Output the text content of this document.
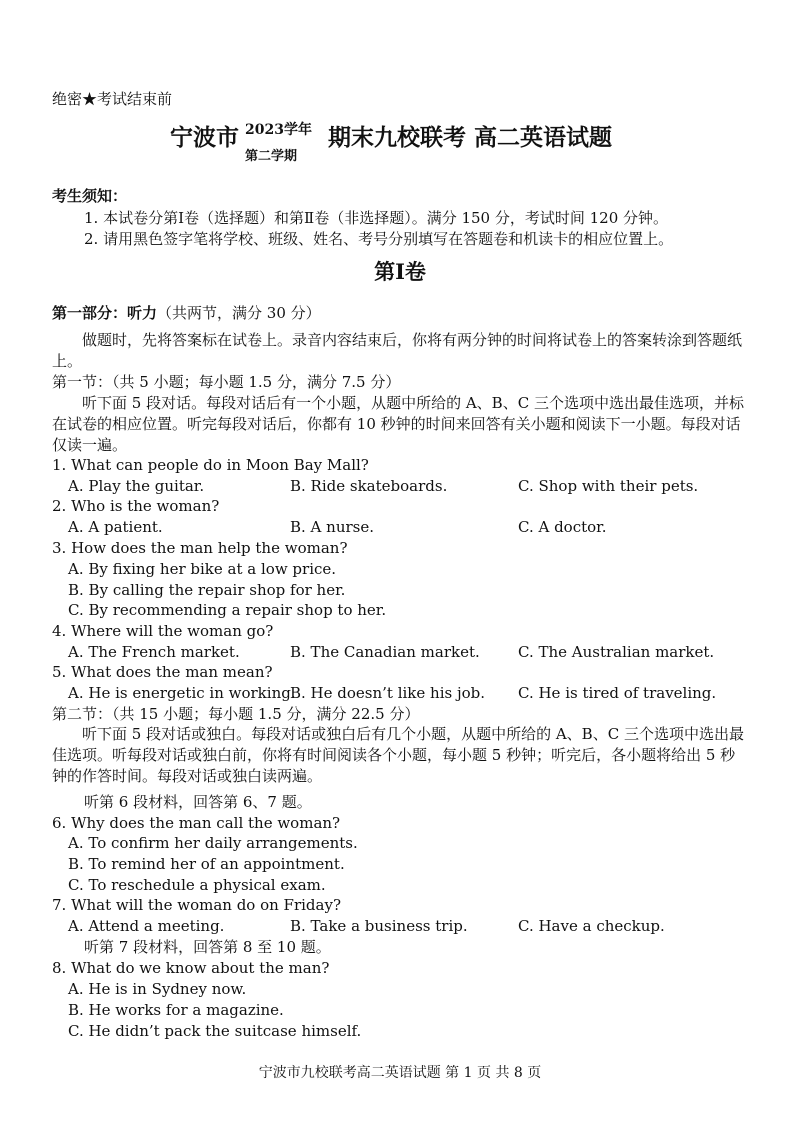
绝密★考试结束前
宁波市 2023学年
第二学期
期末九校联考 高二英语试题
考生须知：
1. 本试卷分第Ⅰ卷（选择题）和第Ⅱ卷（非选择题）。满分 150 分，考试时间 120 分钟。
2. 请用黑色签字笔将学校、班级、姓名、考号分别填写在答题卷和机读卡的相应位置上。
第Ⅰ卷
第一部分：听力（共两节，满分 30 分）
做题时，先将答案标在试卷上。录音内容结束后，你将有两分钟的时间将试卷上的答案转涂到答题纸上。
第一节：（共 5 小题；每小题 1.5 分，满分 7.5 分）
听下面 5 段对话。每段对话后有一个小题，从题中所给的 A、B、C 三个选项中选出最佳选项，并标在试卷的相应位置。听完每段对话后，你都有 10 秒钟的时间来回答有关小题和阅读下一小题。每段对话仅读一遍。
1. What can people do in Moon Bay Mall?
A. Play the guitar.	B. Ride skateboards.	C. Shop with their pets.
2. Who is the woman?
A. A patient.	B. A nurse.	C. A doctor.
3. How does the man help the woman?
A. By fixing her bike at a low price.
B. By calling the repair shop for her.
C. By recommending a repair shop to her.
4. Where will the woman go?
A. The French market.	B. The Canadian market.	C. The Australian market.
5. What does the man mean?
A. He is energetic in working.
B. He doesn’t like his job. C. He is tired of traveling.
第二节：（共 15 小题；每小题 1.5 分，满分 22.5 分）
听下面 5 段对话或独白。每段对话或独白后有几个小题，从题中所给的 A、B、C 三个选项中选出最佳选项。听每段对话或独白前，你将有时间阅读各个小题，每小题 5 秒钟；听完后，各小题将给出 5 秒钟的作答时间。每段对话或独白读两遍。
听第 6 段材料，回答第 6、7 题。
6. Why does the man call the woman?
A. To confirm her daily arrangements.
B. To remind her of an appointment.
C. To reschedule a physical exam.
7. What will the woman do on Friday?
A. Attend a meeting.	B. Take a business trip.	C. Have a checkup.
听第 7 段材料，回答第 8 至 10 题。
8. What do we know about the man?
A. He is in Sydney now.
B. He works for a magazine.
C. He didn’t pack the suitcase himself.
宁波市九校联考高二英语试题 第 1 页 共 8 页
